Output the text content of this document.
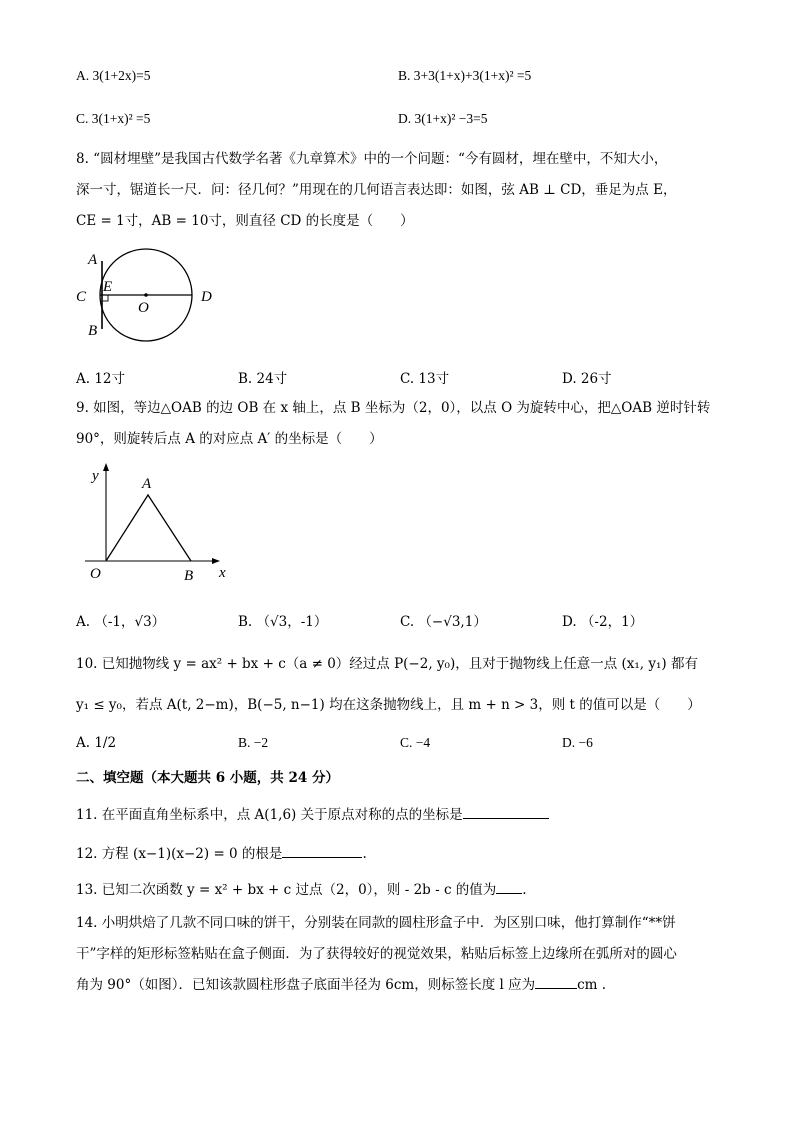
A. 3(1+2x)=5	B. 3+3(1+x)+3(1+x)² =5
C. 3(1+x)² =5	D. 3(1+x)² −3=5
8. “圆材埋壁”是我国古代数学名著《九章算术》中的一个问题：“今有圆材，埋在壁中，不知大小，
深一寸，锯道长一尺．问：径几何？”用现在的几何语言表达即：如图，弦 AB ⊥ CD，垂足为点 E，
CE = 1寸，AB = 10寸，则直径 CD 的长度是（　　）
A
B
C	D
E
O
A. 12寸	B. 24寸	C. 13寸	D. 26寸
9. 如图，等边△OAB 的边 OB 在 x 轴上，点 B 坐标为（2，0），以点 O 为旋转中心，把△OAB 逆时针转
90°，则旋转后点 A 的对应点 A′ 的坐标是（　　）
y	A
O	B x
A. （-1，√3）	B. （√3，-1）	C. （−√3,1）	D. （-2，1）
10. 已知抛物线 y = ax² + bx + c（a ≠ 0）经过点 P(−2, y₀)，且对于抛物线上任意一点 (x₁, y₁) 都有
y₁ ≤ y₀，若点 A(t, 2−m)，B(−5, n−1) 均在这条抛物线上，且 m + n > 3，则 t 的值可以是（　　）
A. 1/2	B. −2	C. −4	D. −6
二、填空题（本大题共 6 小题，共 24 分）
11. 在平面直角坐标系中，点 A(1,6) 关于原点对称的点的坐标是
12. 方程 (x−1)(x−2) = 0 的根是	.
13. 已知二次函数 y = x² + bx + c 过点（2，0），则 - 2b - c 的值为 .
14. 小明烘焙了几款不同口味的饼干，分别装在同款的圆柱形盒子中．为区别口味，他打算制作“**饼
干”字样的矩形标签粘贴在盒子侧面．为了获得较好的视觉效果，粘贴后标签上边缘所在弧所对的圆心
角为 90°（如图）．已知该款圆柱形盘子底面半径为 6cm，则标签长度 l 应为	cm .
